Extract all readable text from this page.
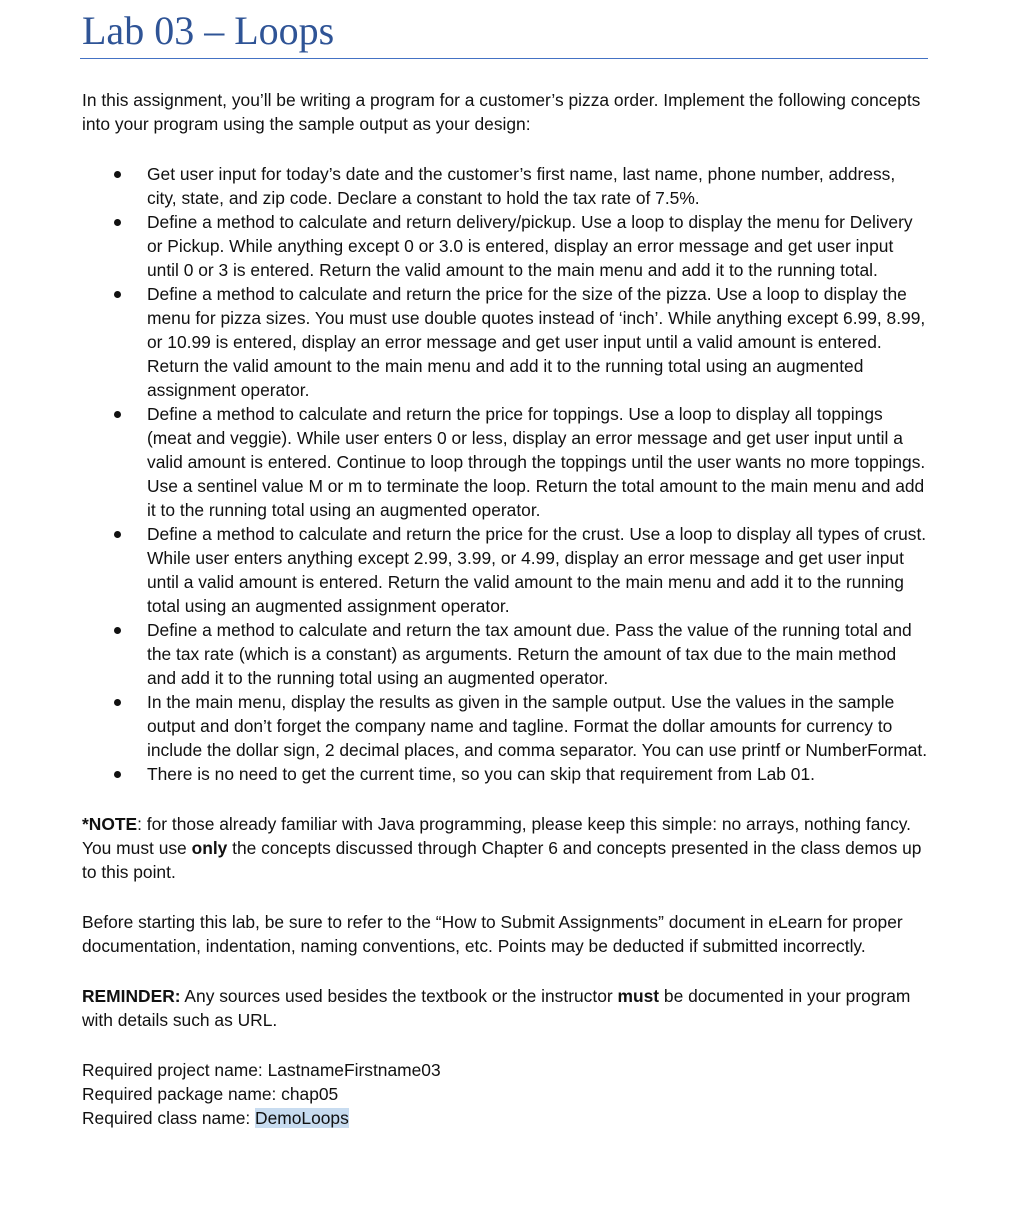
Lab 03 – Loops

In this assignment, you’ll be writing a program for a customer’s pizza order. Implement the following concepts into your program using the sample output as your design:

Get user input for today’s date and the customer’s first name, last name, phone number, address, city, state, and zip code. Declare a constant to hold the tax rate of 7.5%.
Define a method to calculate and return delivery/pickup. Use a loop to display the menu for Delivery or Pickup. While anything except 0 or 3.0 is entered, display an error message and get user input until 0 or 3 is entered. Return the valid amount to the main menu and add it to the running total.
Define a method to calculate and return the price for the size of the pizza. Use a loop to display the menu for pizza sizes. You must use double quotes instead of ‘inch’. While anything except 6.99, 8.99, or 10.99 is entered, display an error message and get user input until a valid amount is entered. Return the valid amount to the main menu and add it to the running total using an augmented assignment operator.
Define a method to calculate and return the price for toppings. Use a loop to display all toppings (meat and veggie). While user enters 0 or less, display an error message and get user input until a valid amount is entered. Continue to loop through the toppings until the user wants no more toppings. Use a sentinel value M or m to terminate the loop. Return the total amount to the main menu and add it to the running total using an augmented operator.
Define a method to calculate and return the price for the crust. Use a loop to display all types of crust. While user enters anything except 2.99, 3.99, or 4.99, display an error message and get user input until a valid amount is entered. Return the valid amount to the main menu and add it to the running total using an augmented assignment operator.
Define a method to calculate and return the tax amount due. Pass the value of the running total and the tax rate (which is a constant) as arguments. Return the amount of tax due to the main method and add it to the running total using an augmented operator.
In the main menu, display the results as given in the sample output. Use the values in the sample output and don’t forget the company name and tagline. Format the dollar amounts for currency to include the dollar sign, 2 decimal places, and comma separator. You can use printf or NumberFormat.
There is no need to get the current time, so you can skip that requirement from Lab 01.

*NOTE: for those already familiar with Java programming, please keep this simple: no arrays, nothing fancy. You must use only the concepts discussed through Chapter 6 and concepts presented in the class demos up to this point.

Before starting this lab, be sure to refer to the “How to Submit Assignments” document in eLearn for proper documentation, indentation, naming conventions, etc. Points may be deducted if submitted incorrectly.

REMINDER: Any sources used besides the textbook or the instructor must be documented in your program with details such as URL.

Required project name: LastnameFirstname03
Required package name: chap05
Required class name: DemoLoops
